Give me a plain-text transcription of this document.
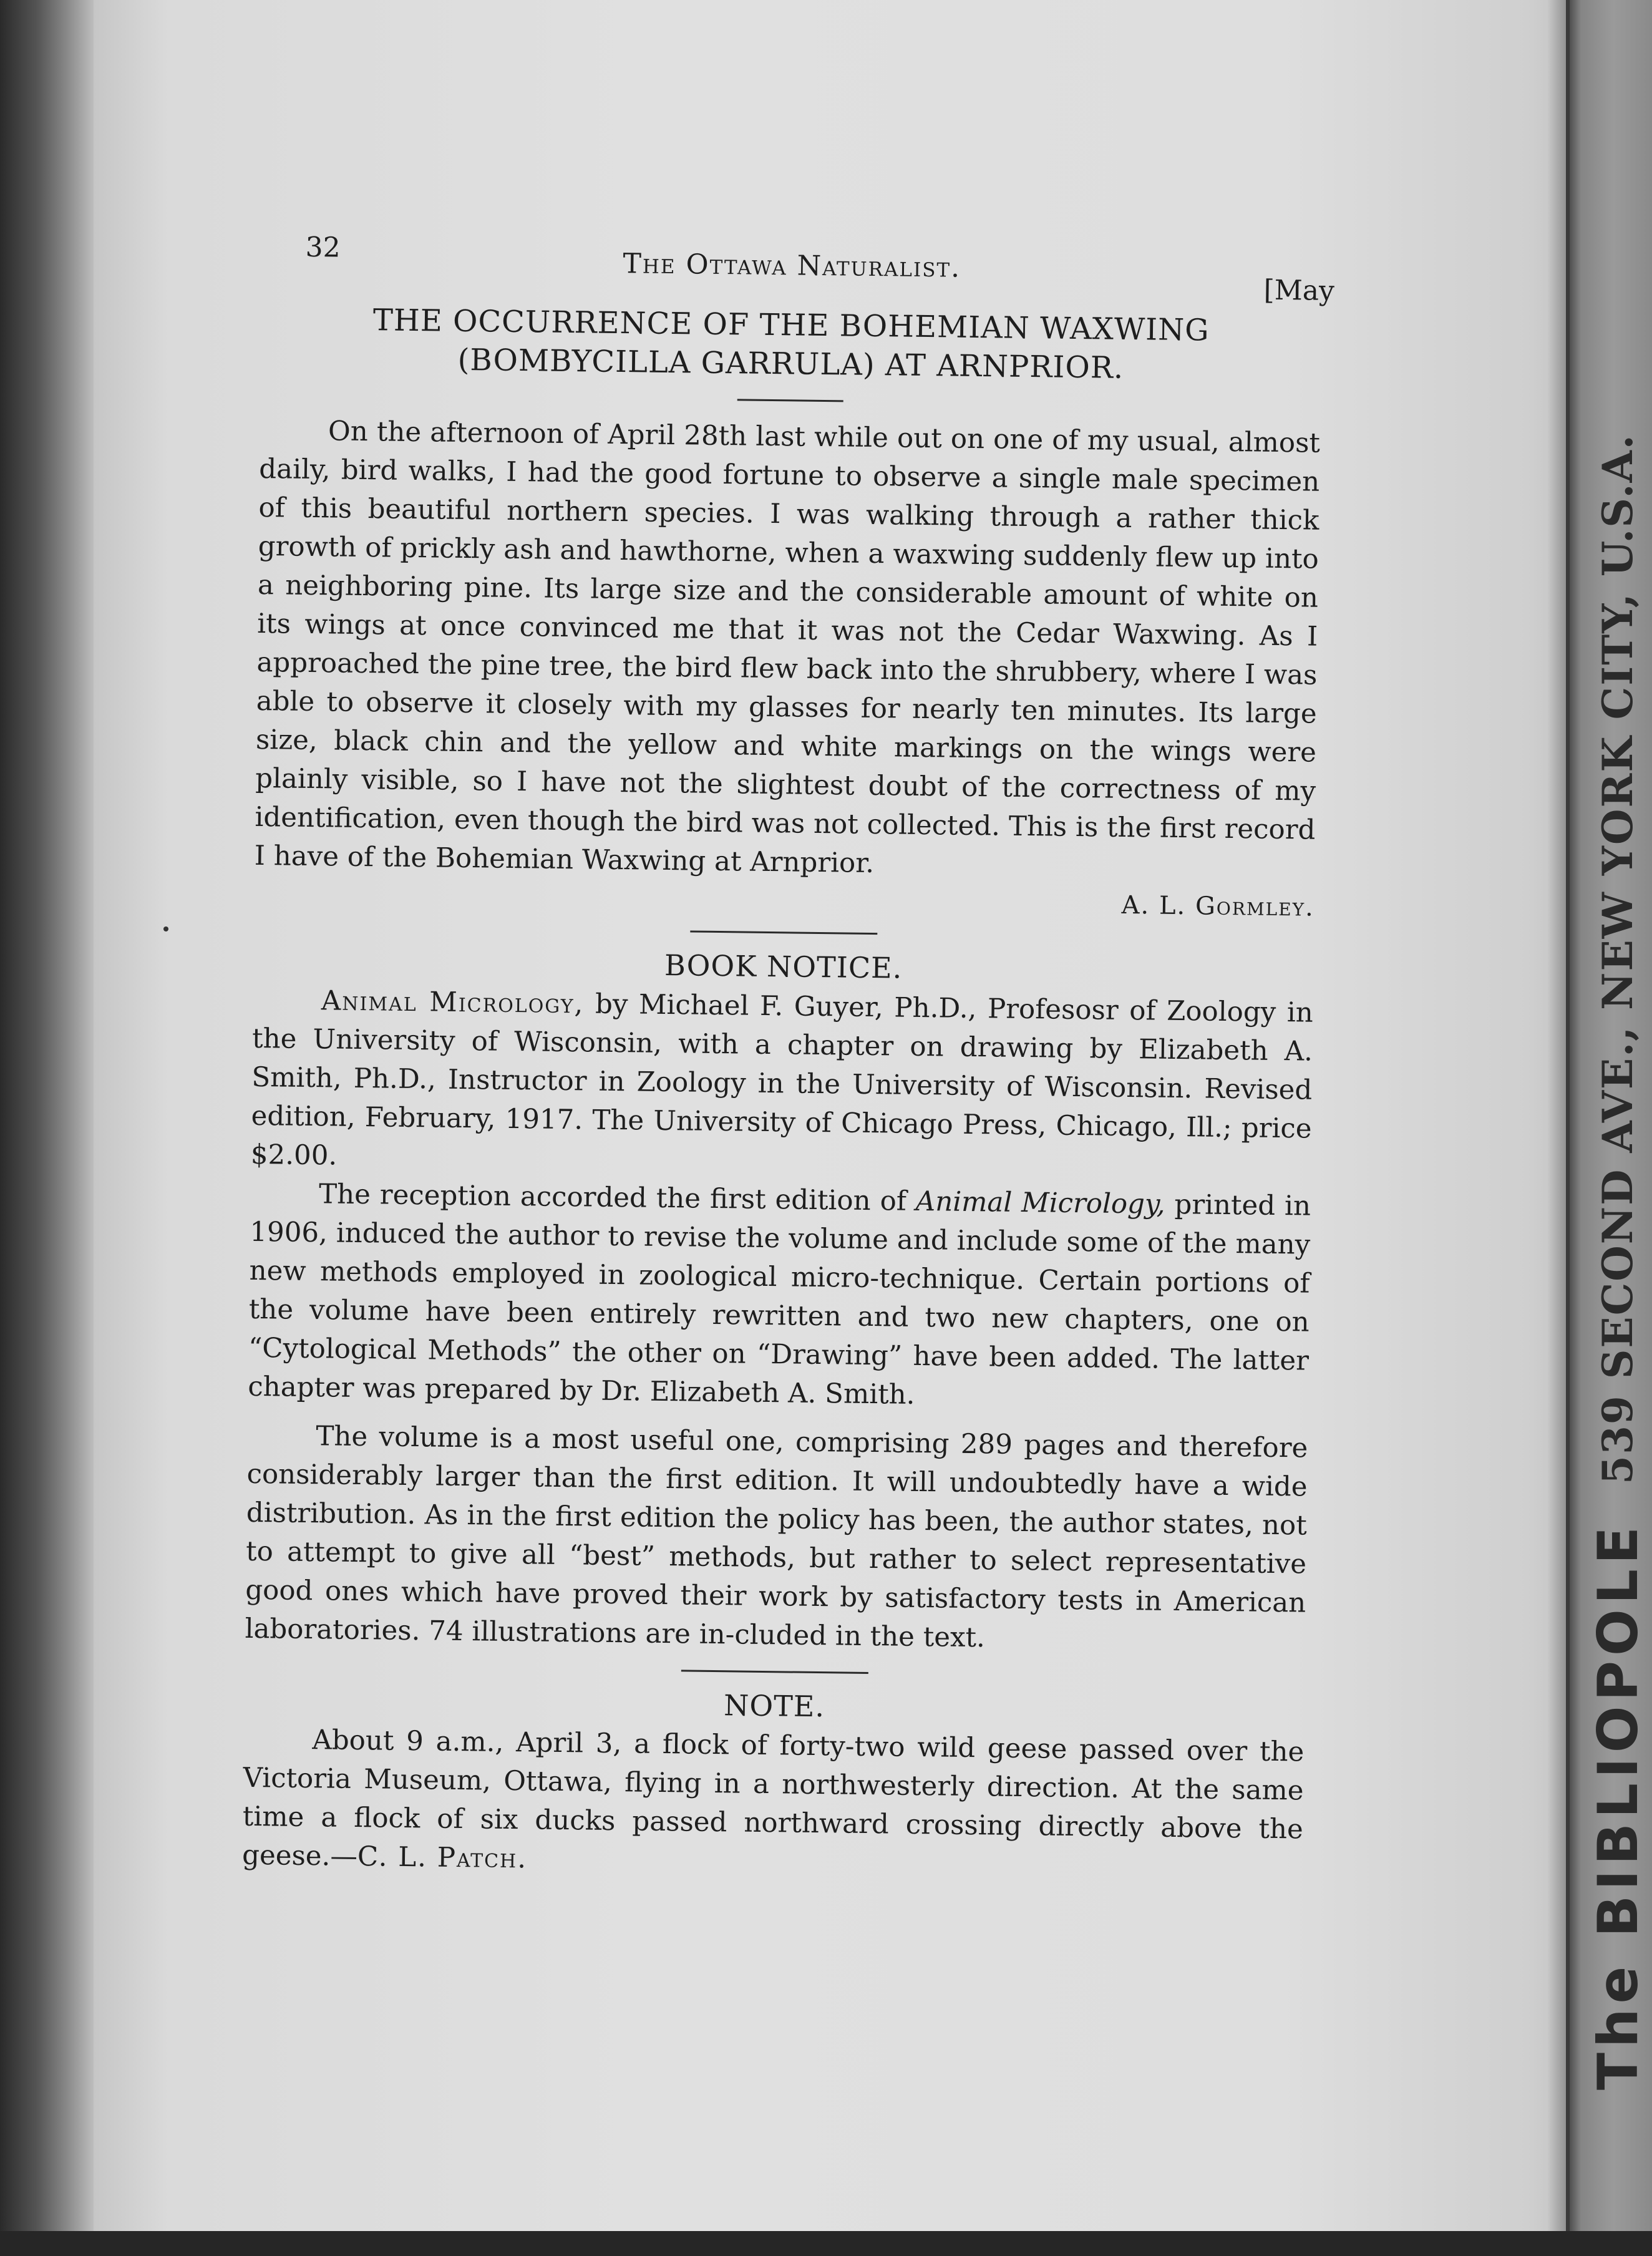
The BIBLIOPOLE
539 SECOND AVE., NEW YORK CITY, U.S.A.
32
The Ottawa Naturalist.
[May
THE OCCURRENCE OF THE BOHEMIAN WAXWING
(BOMBYCILLA GARRULA) AT ARNPRIOR.

On the afternoon of April 28th last while out on one of my usual, almost daily, bird walks, I had the good fortune to observe a single male specimen of this beautiful northern species. I was walking through a rather thick growth of prickly ash and hawthorne, when a waxwing suddenly flew up into a neighboring pine. Its large size and the considerable amount of white on its wings at once convinced me that it was not the Cedar Waxwing. As I approached the pine tree, the bird flew back into the shrubbery, where I was able to observe it closely with my glasses for nearly ten minutes. Its large size, black chin and the yellow and white markings on the wings were plainly visible, so I have not the slightest doubt of the correctness of my identification, even though the bird was not collected. This is the first record I have of the Bohemian Waxwing at Arnprior.

A. L. Gormley.
BOOK NOTICE.

Animal Micrology, by Michael F. Guyer, Ph.D., Profesosr of Zoology in the University of Wisconsin, with a chapter on drawing by Elizabeth A. Smith, Ph.D., Instructor in Zoology in the University of Wisconsin. Revised edition, February, 1917. The University of Chicago Press, Chicago, Ill.; price $2.00.

The reception accorded the first edition of Animal Micrology, printed in 1906, induced the author to revise the volume and include some of the many new methods employed in zoological micro-technique. Certain portions of the volume have been entirely rewritten and two new chapters, one on “Cytological Methods” the other on “Drawing” have been added. The latter chapter was prepared by Dr. Elizabeth A. Smith.

The volume is a most useful one, comprising 289 pages and therefore considerably larger than the first edition. It will undoubtedly have a wide distribution. As in the first edition the policy has been, the author states, not to attempt to give all “best” methods, but rather to select representative good ones which have proved their work by satisfactory tests in American laboratories. 74 illustrations are in-cluded in the text.

NOTE.

About 9 a.m., April 3, a flock of forty-two wild geese passed over the Victoria Museum, Ottawa, flying in a northwesterly direction. At the same time a flock of six ducks passed northward crossing directly above the geese.—C. L. Patch.
